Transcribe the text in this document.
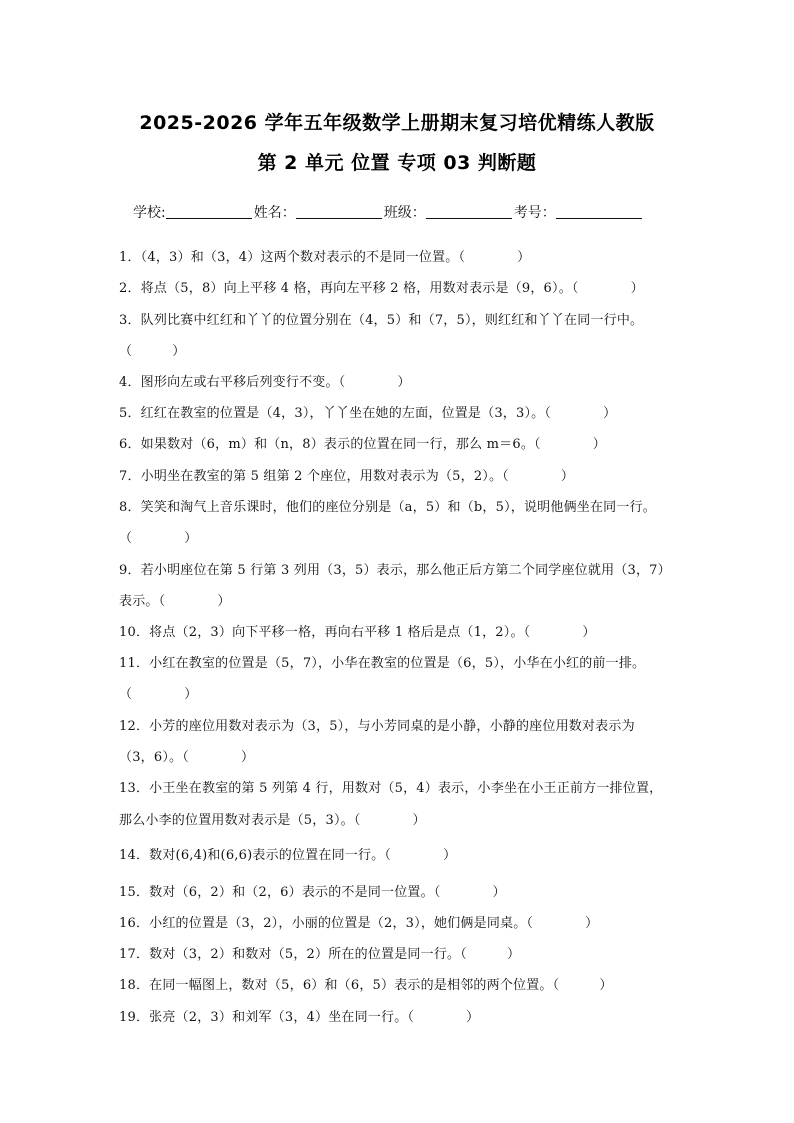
2025-2026 学年五年级数学上册期末复习培优精练人教版
第 2 单元 位置 专项 03 判断题
学校:	姓名：	班级：	考号：
1．（4，3）和（3，4）这两个数对表示的不是同一位置。（	）
2．将点（5，8）向上平移 4 格，再向左平移 2 格，用数对表示是（9，6）。（	）
3．队列比赛中红红和丫丫的位置分别在（4，5）和（7，5），则红红和丫丫在同一行中。
（	）
4．图形向左或右平移后列变行不变。（	）
5．红红在教室的位置是（4，3），丫丫坐在她的左面，位置是（3，3）。（	）
6．如果数对（6，m）和（n，8）表示的位置在同一行，那么 m＝6。（	）
7．小明坐在教室的第 5 组第 2 个座位，用数对表示为（5，2）。（	）
8．笑笑和淘气上音乐课时，他们的座位分别是（a，5）和（b，5），说明他俩坐在同一行。
（	）
9．若小明座位在第 5 行第 3 列用（3，5）表示，那么他正后方第二个同学座位就用（3，7）
表示。（	）
10．将点（2，3）向下平移一格，再向右平移 1 格后是点（1，2）。（	）
11．小红在教室的位置是（5，7），小华在教室的位置是（6，5），小华在小红的前一排。
（	）
12．小芳的座位用数对表示为（3，5），与小芳同桌的是小静，小静的座位用数对表示为
（3，6）。（	）
13．小王坐在教室的第 5 列第 4 行，用数对（5，4）表示，小李坐在小王正前方一排位置，
那么小李的位置用数对表示是（5，3）。（	）
14．数对(6,4)和(6,6)表示的位置在同一行。（	）
15．数对（6，2）和（2，6）表示的不是同一位置。（	）
16．小红的位置是（3，2），小丽的位置是（2，3），她们俩是同桌。（	）
17．数对（3，2）和数对（5，2）所在的位置是同一行。（	）
18．在同一幅图上，数对（5，6）和（6，5）表示的是相邻的两个位置。（	）
19．张亮（2，3）和刘军（3，4）坐在同一行。（	）
